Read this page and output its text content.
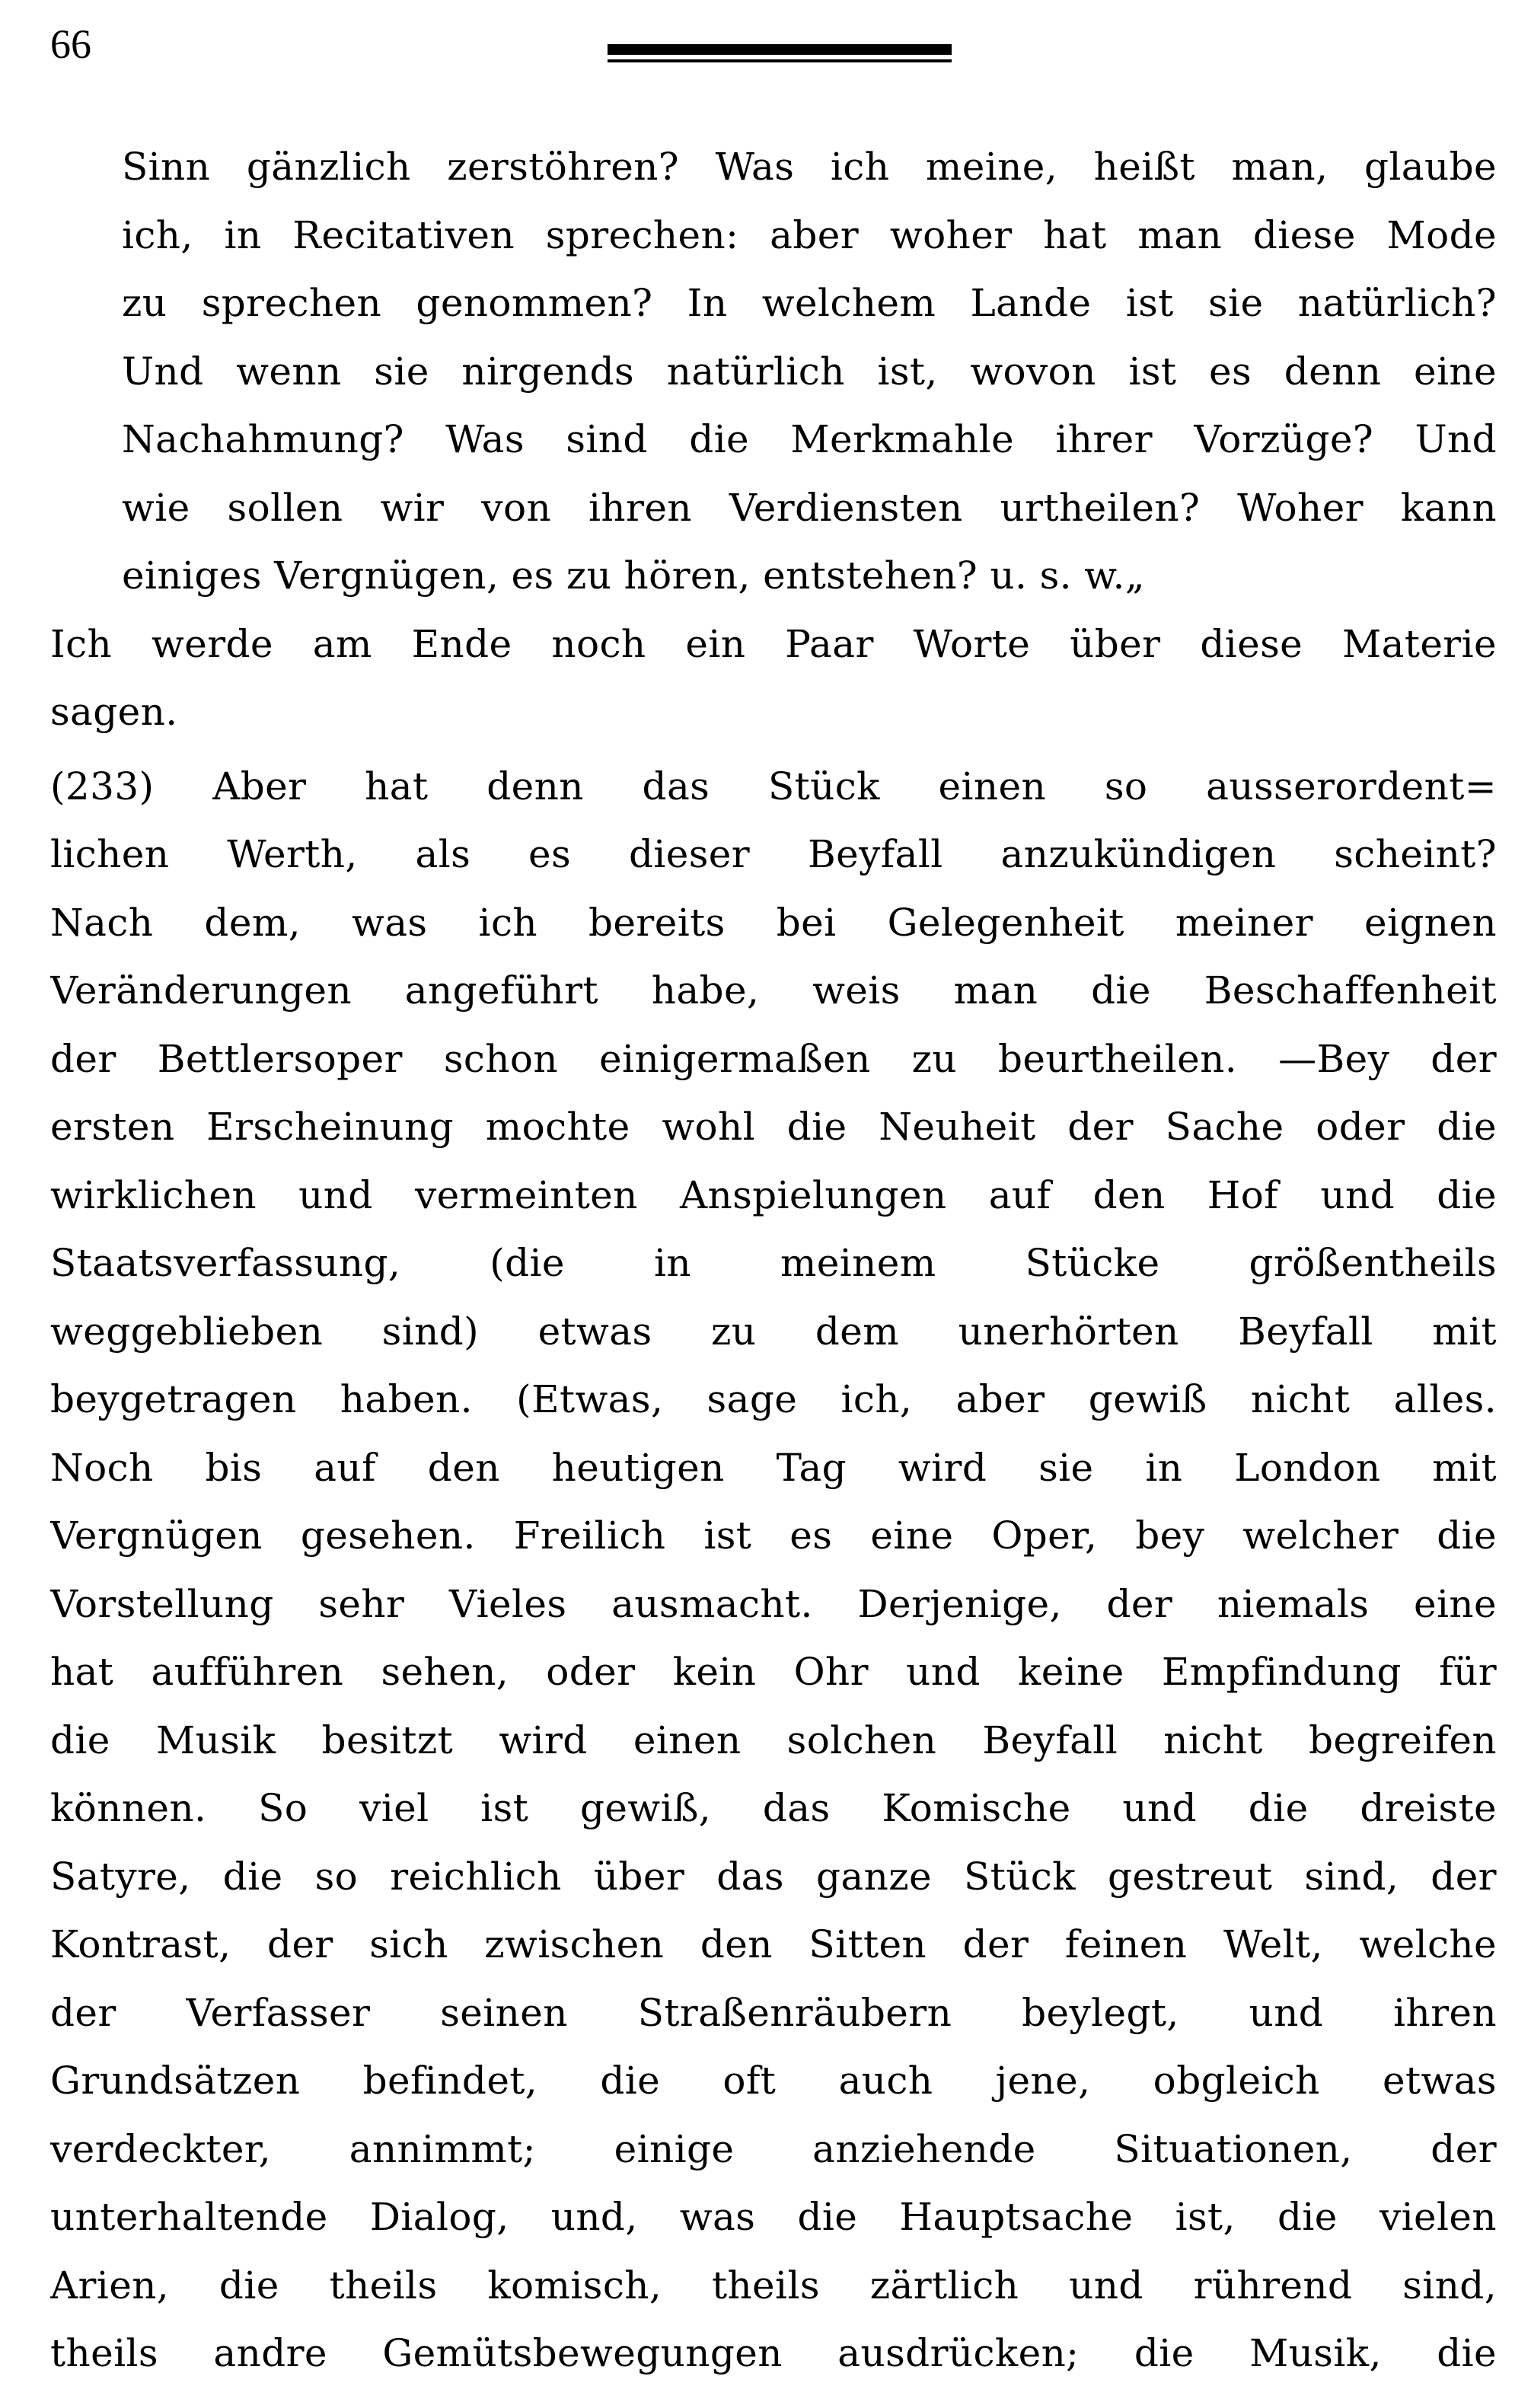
66
Sinn gänzlich zerstöhren? Was ich meine, heißt man, glaube
ich, in Recitativen sprechen: aber woher hat man diese Mode
zu sprechen genommen? In welchem Lande ist sie natürlich?
Und wenn sie nirgends natürlich ist, wovon ist es denn eine
Nachahmung? Was sind die Merkmahle ihrer Vorzüge? Und
wie sollen wir von ihren Verdiensten urtheilen? Woher kann
einiges Vergnügen, es zu hören, entstehen? u. s. w.„
Ich werde am Ende noch ein Paar Worte über diese Materie
sagen.
(233) Aber hat denn das Stück einen so ausserordent=
lichen Werth, als es dieser Beyfall anzukündigen scheint?
Nach dem, was ich bereits bei Gelegenheit meiner eignen
Veränderungen angeführt habe, weis man die Beschaffenheit
der Bettlersoper schon einigermaßen zu beurtheilen. —Bey der
ersten Erscheinung mochte wohl die Neuheit der Sache oder die
wirklichen und vermeinten Anspielungen auf den Hof und die
Staatsverfassung, (die in meinem Stücke größentheils
weggeblieben sind) etwas zu dem unerhörten Beyfall mit
beygetragen haben. (Etwas, sage ich, aber gewiß nicht alles.
Noch bis auf den heutigen Tag wird sie in London mit
Vergnügen gesehen. Freilich ist es eine Oper, bey welcher die
Vorstellung sehr Vieles ausmacht. Derjenige, der niemals eine
hat aufführen sehen, oder kein Ohr und keine Empfindung für
die Musik besitzt wird einen solchen Beyfall nicht begreifen
können. So viel ist gewiß, das Komische und die dreiste
Satyre, die so reichlich über das ganze Stück gestreut sind, der
Kontrast, der sich zwischen den Sitten der feinen Welt, welche
der Verfasser seinen Straßenräubern beylegt, und ihren
Grundsätzen befindet, die oft auch jene, obgleich etwas
verdeckter, annimmt; einige anziehende Situationen, der
unterhaltende Dialog, und, was die Hauptsache ist, die vielen
Arien, die theils komisch, theils zärtlich und rührend sind,
theils andre Gemütsbewegungen ausdrücken; die Musik, die
